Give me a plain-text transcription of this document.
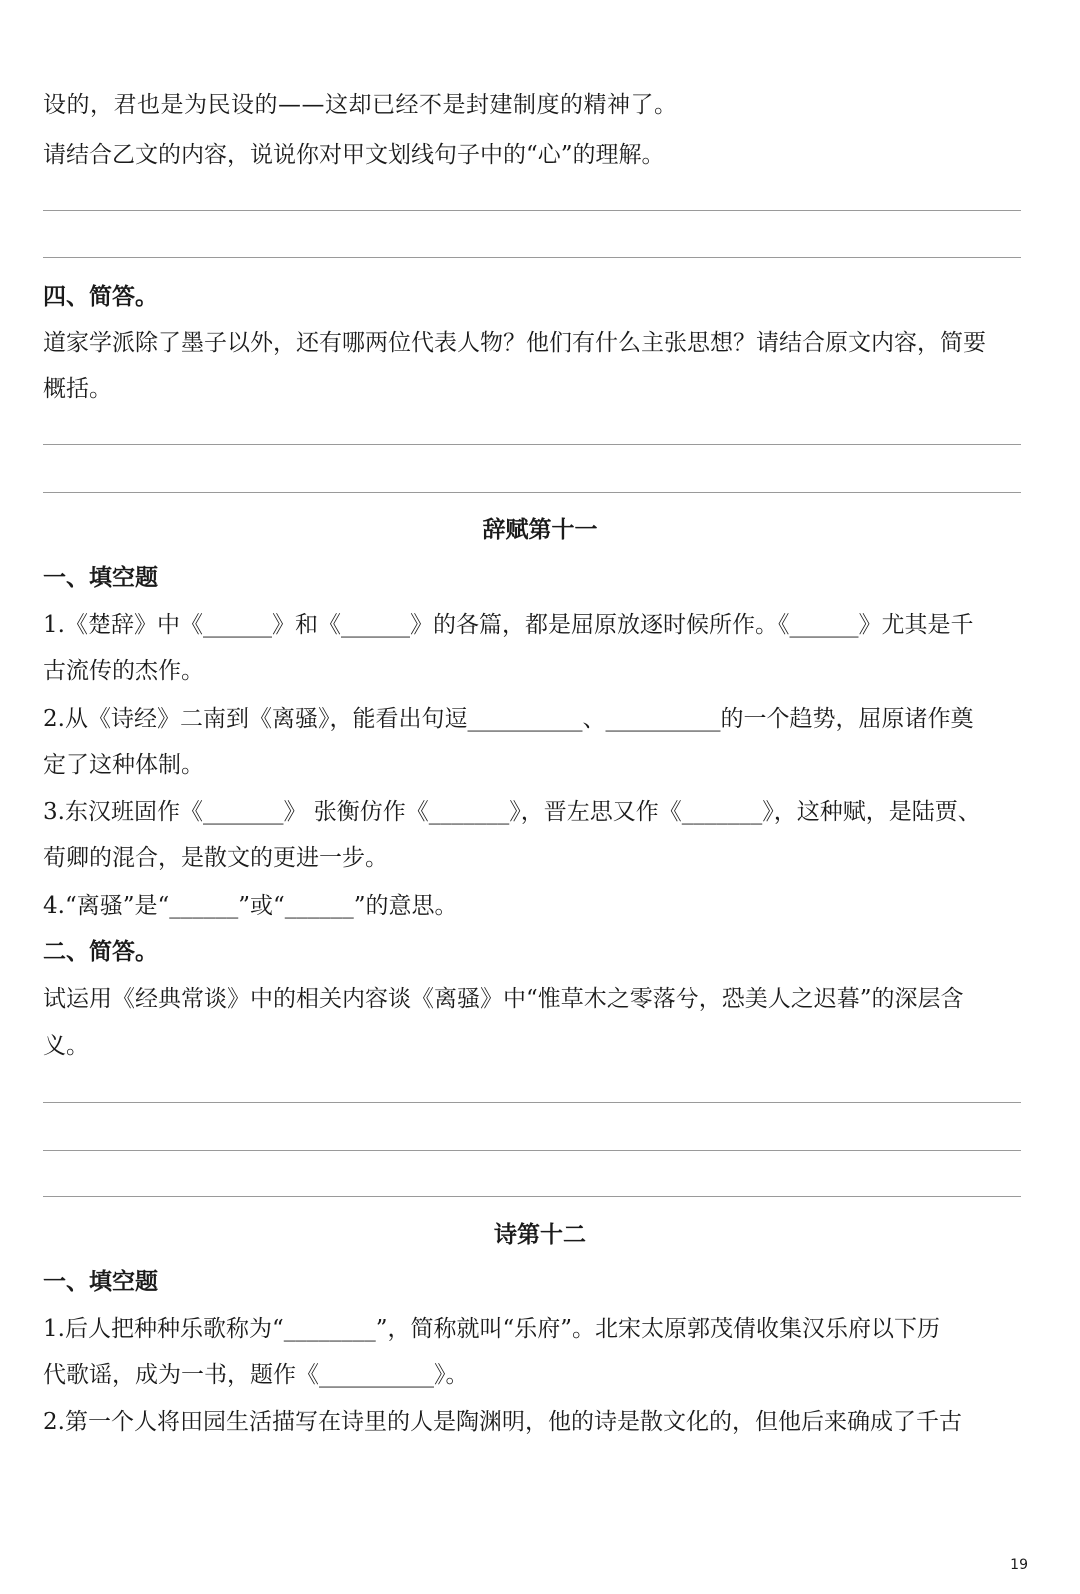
设的，君也是为民设的——这却已经不是封建制度的精神了。
请结合乙文的内容，说说你对甲文划线句子中的“心”的理解。
四、简答。
道家学派除了墨子以外，还有哪两位代表人物？他们有什么主张思想？请结合原文内容，简要
概括。
辞赋第十一
一、填空题
1.《楚辞》中《______》和《______》的各篇，都是屈原放逐时候所作。《______》尤其是千
古流传的杰作。
2.从《诗经》二南到《离骚》，能看出句逗__________、__________的一个趋势，屈原诸作奠
定了这种体制。
3.东汉班固作《_______》 张衡仿作《_______》，晋左思又作《_______》，这种赋，是陆贾、
荀卿的混合，是散文的更进一步。
4.“离骚”是“______”或“______”的意思。
二、简答。
试运用《经典常谈》中的相关内容谈《离骚》中“惟草木之零落兮，恐美人之迟暮”的深层含
义。
诗第十二
一、填空题
1.后人把种种乐歌称为“________”，简称就叫“乐府”。北宋太原郭茂倩收集汉乐府以下历
代歌谣，成为一书，题作《__________》。
2.第一个人将田园生活描写在诗里的人是陶渊明，他的诗是散文化的，但他后来确成了千古
19
